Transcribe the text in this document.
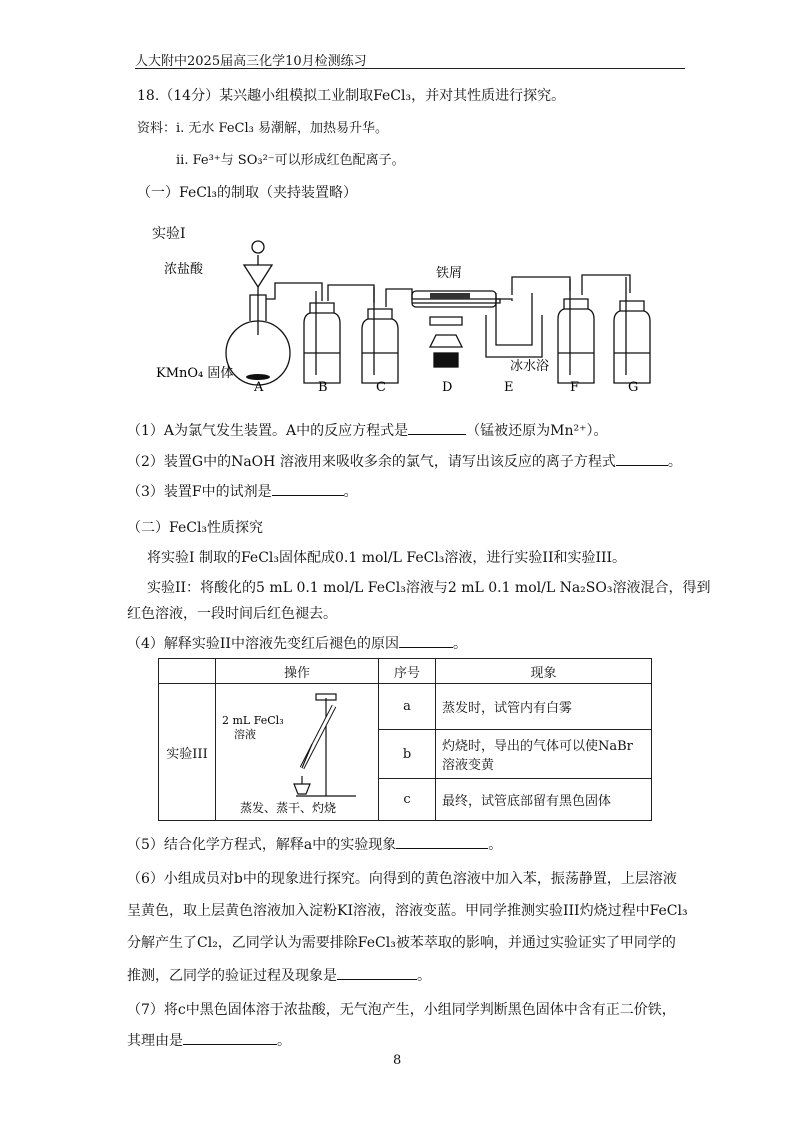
人大附中2025届高三化学10月检测练习
18.（14分）某兴趣小组模拟工业制取FeCl₃，并对其性质进行探究。
资料：i. 无水 FeCl₃ 易潮解，加热易升华。
ii. Fe³⁺与 SO₃²⁻可以形成红色配离子。
（一）FeCl₃的制取（夹持装置略）
实验I
浓盐酸	铁屑
KMnO₄ 固体	冰水浴
A	B	C	D	E	F	G
（1）A为氯气发生装置。A中的反应方程式是	（锰被还原为Mn²⁺）。
（2）装置G中的NaOH 溶液用来吸收多余的氯气，请写出该反应的离子方程式	。
（3）装置F中的试剂是	。
（二）FeCl₃性质探究
将实验I 制取的FeCl₃固体配成0.1 mol/L FeCl₃溶液，进行实验II和实验III。
实验II：将酸化的5 mL 0.1 mol/L FeCl₃溶液与2 mL 0.1 mol/L Na₂SO₃溶液混合，得到
红色溶液，一段时间后红色褪去。
（4）解释实验II中溶液先变红后褪色的原因	。
	操作	序号	现象
实验III	2 mL FeCl₃
溶液
蒸发、蒸干、灼烧	a	蒸发时，试管内有白雾
		b	灼烧时，导出的气体可以使NaBr
溶液变黄
		c	最终，试管底部留有黑色固体
（5）结合化学方程式，解释a中的实验现象	。
（6）小组成员对b中的现象进行探究。向得到的黄色溶液中加入苯，振荡静置，上层溶液
呈黄色，取上层黄色溶液加入淀粉KI溶液，溶液变蓝。甲同学推测实验III灼烧过程中FeCl₃
分解产生了Cl₂，乙同学认为需要排除FeCl₃被苯萃取的影响，并通过实验证实了甲同学的
推测，乙同学的验证过程及现象是	。
（7）将c中黑色固体溶于浓盐酸，无气泡产生，小组同学判断黑色固体中含有正二价铁，
其理由是	。
8
